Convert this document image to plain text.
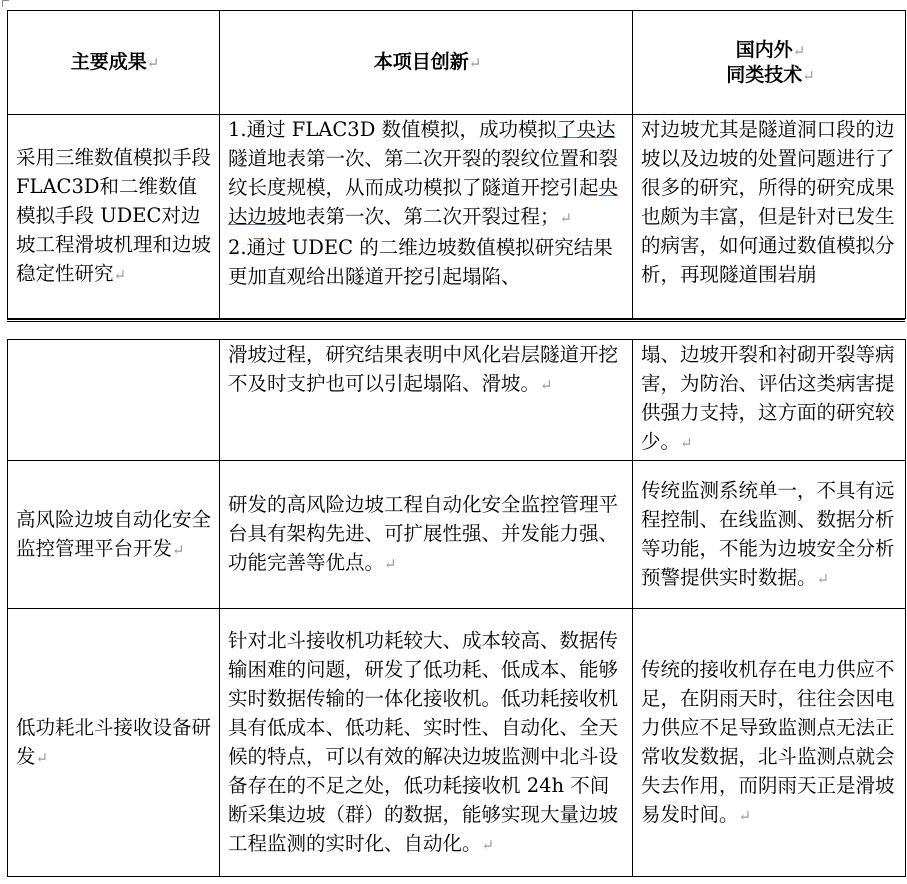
主要成果↵	本项目创新↵	国内外↵
同类技术↵
采用三维数值模拟手段FLAC3D和二维数值模拟手段 UDEC对边坡工程滑坡机理和边坡稳定性研究↵	1.通过 FLAC3D 数值模拟，成功模拟了央达隧道地表第一次、第二次开裂的裂纹位置和裂纹长度规模，从而成功模拟了隧道开挖引起央达边坡地表第一次、第二次开裂过程；↵
2.通过 UDEC 的二维边坡数值模拟研究结果更加直观给出隧道开挖引起塌陷、	对边坡尤其是隧道洞口段的边坡以及边坡的处置问题进行了很多的研究，所得的研究成果也颇为丰富，但是针对已发生的病害，如何通过数值模拟分析，再现隧道围岩崩
	滑坡过程，研究结果表明中风化岩层隧道开挖不及时支护也可以引起塌陷、滑坡。↵	塌、边坡开裂和衬砌开裂等病害，为防治、评估这类病害提供强力支持，这方面的研究较少。↵
高风险边坡自动化安全监控管理平台开发↵	研发的高风险边坡工程自动化安全监控管理平台具有架构先进、可扩展性强、并发能力强、功能完善等优点。↵	传统监测系统单一，不具有远程控制、在线监测、数据分析等功能，不能为边坡安全分析预警提供实时数据。↵
低功耗北斗接收设备研发↵	针对北斗接收机功耗较大、成本较高、数据传输困难的问题，研发了低功耗、低成本、能够实时数据传输的一体化接收机。低功耗接收机具有低成本、低功耗、实时性、自动化、全天候的特点，可以有效的解决边坡监测中北斗设备存在的不足之处，低功耗接收机 24h 不间断采集边坡（群）的数据，能够实现大量边坡工程监测的实时化、自动化。↵	传统的接收机存在电力供应不足，在阴雨天时，往往会因电力供应不足导致监测点无法正常收发数据，北斗监测点就会失去作用，而阴雨天正是滑坡易发时间。↵
